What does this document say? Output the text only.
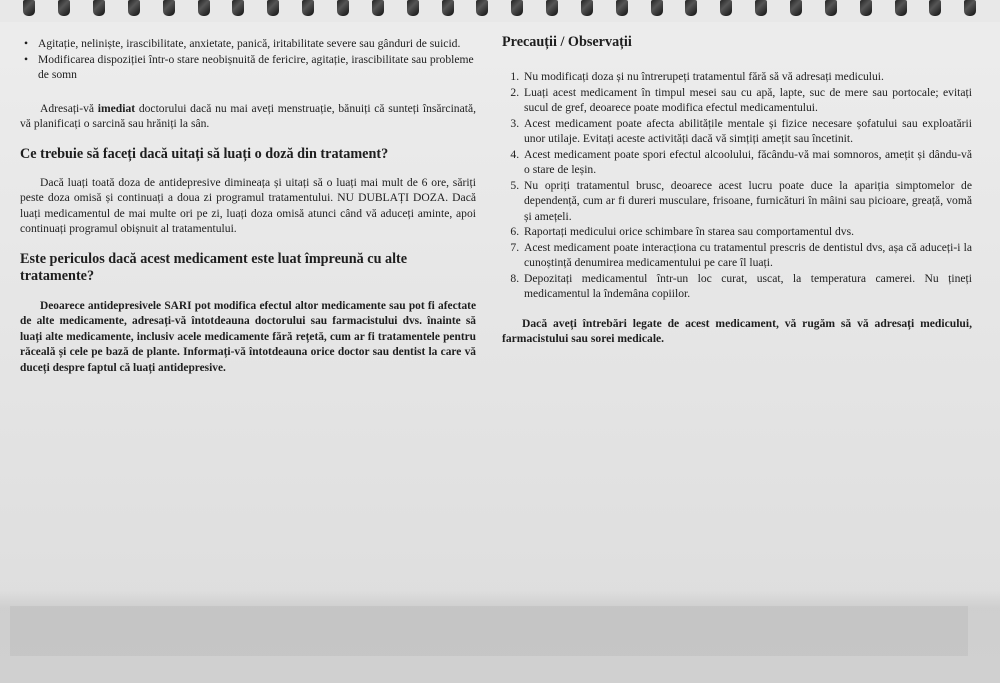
• Agitație, neliniște, irascibilitate, anxietate, panică, iritabilitate severe sau gânduri de suicid.
• Modificarea dispoziției într-o stare neobișnuită de fericire, agitație, irascibilitate sau probleme de somn

Adresați-vă imediat doctorului dacă nu mai aveți menstruație, bănuiți că sunteți însărcinată, vă planificați o sarcină sau hrăniți la sân.

Ce trebuie să faceți dacă uitați să luați o doză din tratament?

Dacă luați toată doza de antidepresive dimineața și uitați să o luați mai mult de 6 ore, săriți peste doza omisă și continuați a doua zi programul tratamentului. NU DUBLAȚI DOZA. Dacă luați medicamentul de mai multe ori pe zi, luați doza omisă atunci când vă aduceți aminte, apoi continuați programul obișnuit al tratamentului.

Este periculos dacă acest medicament este luat împreună cu alte tratamente?

Deoarece antidepresivele SARI pot modifica efectul altor medicamente sau pot fi afectate de alte medicamente, adresați-vă întotdeauna doctorului sau farmacistului dvs. înainte să luați alte medicamente, inclusiv acele medicamente fără rețetă, cum ar fi tratamentele pentru răceală și cele pe bază de plante. Informați-vă întotdeauna orice doctor sau dentist la care vă duceți despre faptul că luați antidepresive.

Precauții / Observații
1. Nu modificați doza și nu întrerupeți tratamentul fără să vă adresați medicului.
2. Luați acest medicament în timpul mesei sau cu apă, lapte, suc de mere sau portocale; evitați sucul de gref, deoarece poate modifica efectul medicamentului.
3. Acest medicament poate afecta abilitățile mentale și fizice necesare șofatului sau exploatării unor utilaje. Evitați aceste activități dacă vă simțiți amețit sau încetinit.
4. Acest medicament poate spori efectul alcoolului, făcându-vă mai somnoros, amețit și dându-vă o stare de leșin.
5. Nu opriți tratamentul brusc, deoarece acest lucru poate duce la apariția simptomelor de dependență, cum ar fi dureri musculare, frisoane, furnicături în mâini sau picioare, greață, vomă și amețeli.
6. Raportați medicului orice schimbare în starea sau comportamentul dvs.
7. Acest medicament poate interacționa cu tratamentul prescris de dentistul dvs, așa că aduceți-i la cunoștință denumirea medicamentului pe care îl luați.
8. Depozitați medicamentul într-un loc curat, uscat, la temperatura camerei. Nu țineți medicamentul la îndemâna copiilor.

Dacă aveți întrebări legate de acest medicament, vă rugăm să vă adresați medicului, farmacistului sau sorei medicale.
